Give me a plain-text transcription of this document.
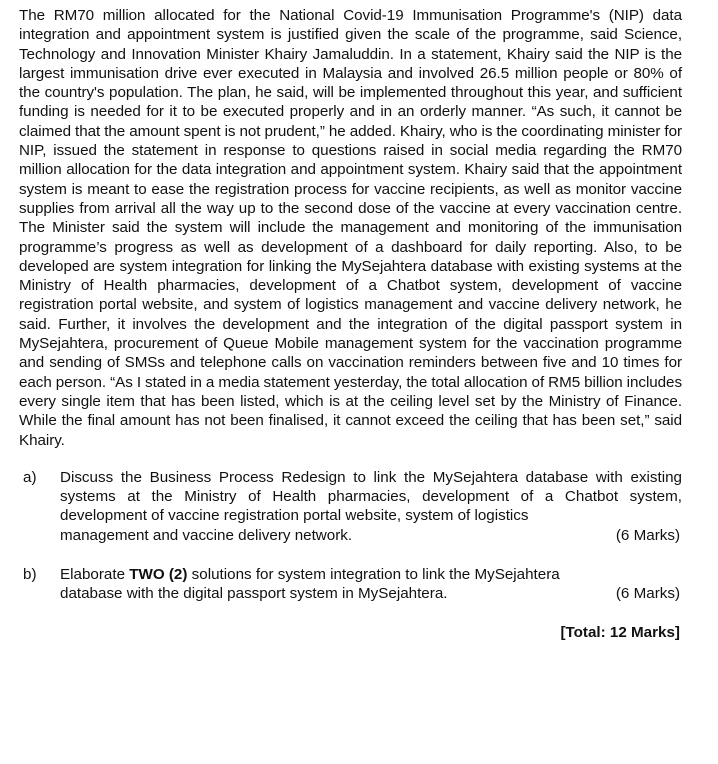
The RM70 million allocated for the National Covid-19 Immunisation Programme's (NIP) data integration and appointment system is justified given the scale of the programme, said Science, Technology and Innovation Minister Khairy Jamaluddin. In a statement, Khairy said the NIP is the largest immunisation drive ever executed in Malaysia and involved 26.5 million people or 80% of the country's population. The plan, he said, will be implemented throughout this year, and sufficient funding is needed for it to be executed properly and in an orderly manner. “As such, it cannot be claimed that the amount spent is not prudent,” he added. Khairy, who is the coordinating minister for NIP, issued the statement in response to questions raised in social media regarding the RM70 million allocation for the data integration and appointment system. Khairy said that the appointment system is meant to ease the registration process for vaccine recipients, as well as monitor vaccine supplies from arrival all the way up to the second dose of the vaccine at every vaccination centre. The Minister said the system will include the management and monitoring of the immunisation programme’s progress as well as development of a dashboard for daily reporting. Also, to be developed are system integration for linking the MySejahtera database with existing systems at the Ministry of Health pharmacies, development of a Chatbot system, development of vaccine registration portal website, and system of logistics management and vaccine delivery network, he said. Further, it involves the development and the integration of the digital passport system in MySejahtera, procurement of Queue Mobile management system for the vaccination programme and sending of SMSs and telephone calls on vaccination reminders between five and 10 times for each person. “As I stated in a media statement yesterday, the total allocation of RM5 billion includes every single item that has been listed, which is at the ceiling level set by the Ministry of Finance. While the final amount has not been finalised, it cannot exceed the ceiling that has been set,” said Khairy.

a) Discuss the Business Process Redesign to link the MySejahtera database with existing systems at the Ministry of Health pharmacies, development of a Chatbot system, development of vaccine registration portal website, system of logistics
management and vaccine delivery network.	(6 Marks)
b) Elaborate TWO (2) solutions for system integration to link the MySejahtera
database with the digital passport system in MySejahtera.	(6 Marks)
[Total: 12 Marks]
